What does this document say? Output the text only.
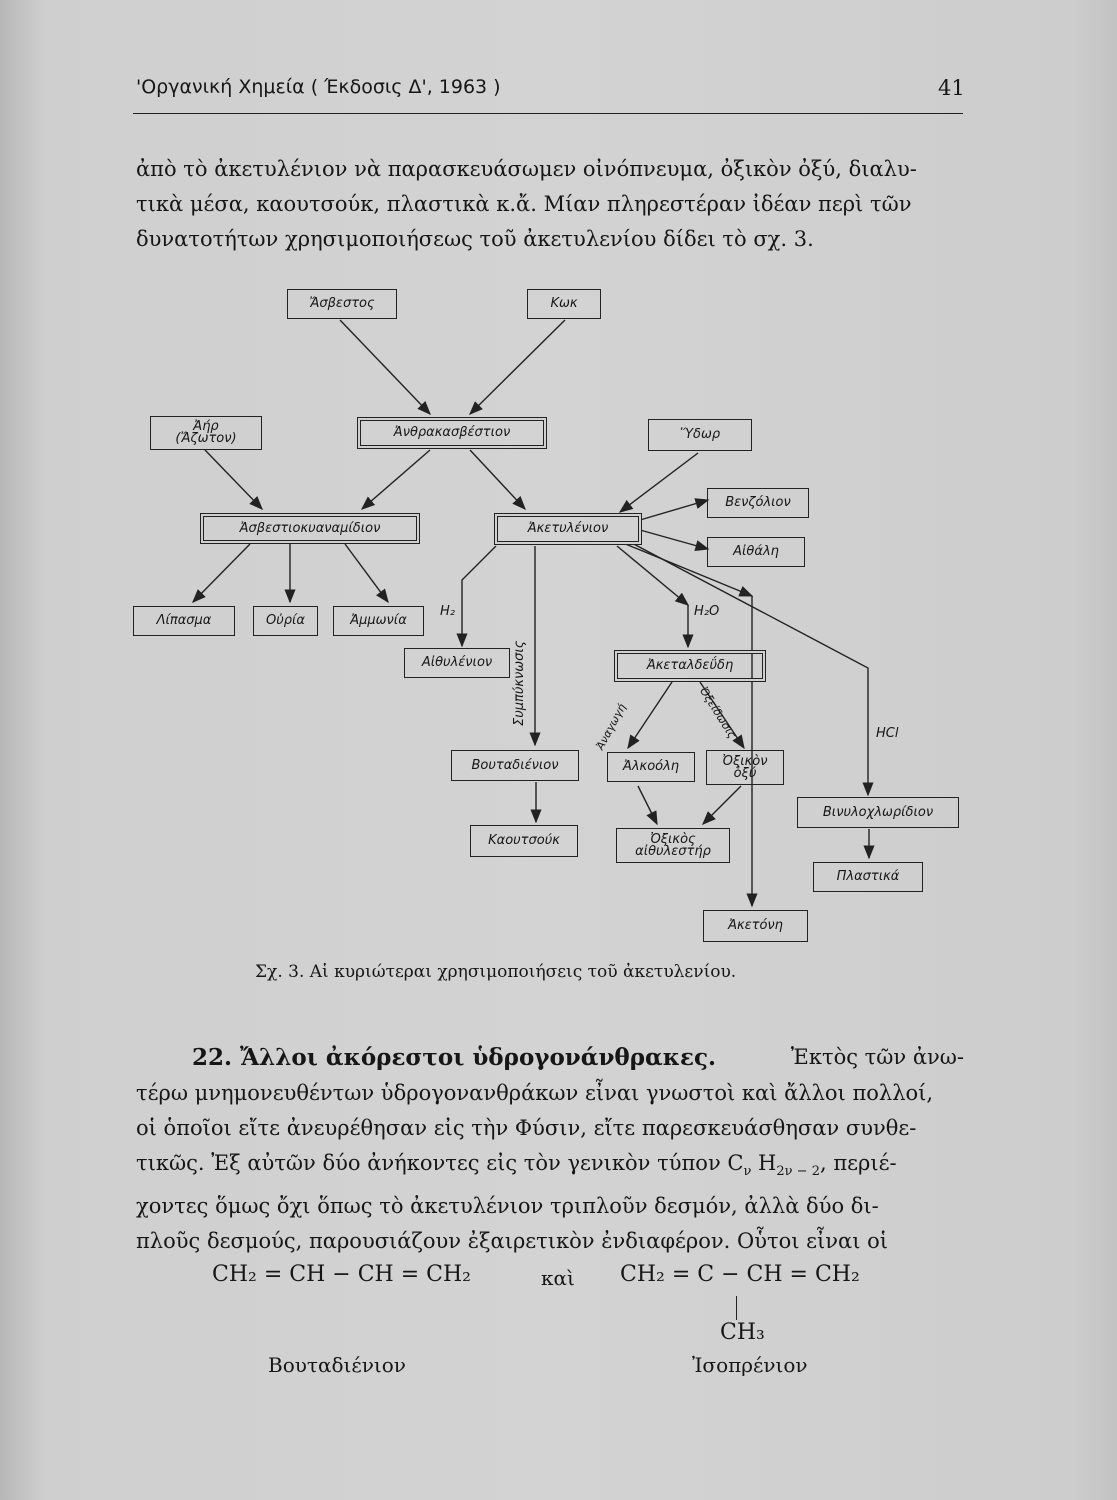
'Οργανική Χημεία ( Έκδοσις Δ', 1963 )	41
ἀπὸ τὸ ἀκετυλένιον νὰ παρασκευάσωμεν οἰνόπνευμα, ὀξικὸν ὀξύ, διαλυ-
τικὰ μέσα, καουτσούκ, πλαστικὰ κ.ἄ. Μίαν πληρεστέραν ἰδέαν περὶ τῶν
δυνατοτήτων χρησιμοποιήσεως τοῦ ἀκετυλενίου δίδει τὸ σχ. 3.
Ἄσβεστος	Κωκ
Ἀήρ
(Ἄζωτον)	Ἀνθρακασβέστιον	Ὕδωρ
Ἀσβεστιοκυαναμίδιον	Ἀκετυλένιον
Βενζόλιον
Αἰθάλη
Λίπασμα	Οὐρία	Ἀμμωνία
Αἰθυλένιον	Ἀκεταλδεΰδη
Βουταδιένιον	Ἀλκοόλη	Ὀξικὸν
ὀξύ
Βινυλοχλωρίδιον
Καουτσούκ	Ὀξικὸς
αἰθυλεστήρ
Πλαστικά
Ἀκετόνη
H₂	H₂O
HCl
Συμπύκνωσις
Ἀναγωγή	Ὀξείδωσις
Σχ. 3. Αἱ κυριώτεραι χρησιμοποιήσεις τοῦ ἀκετυλενίου.
22. Ἄλλοι ἀκόρεστοι ὑδρογονάνθρακες.	Ἐκτὸς τῶν ἀνω-
τέρω μνημονευθέντων ὑδρογονανθράκων εἶναι γνωστοὶ καὶ ἄλλοι πολλοί,
οἱ ὁποῖοι εἴτε ἀνευρέθησαν εἰς τὴν Φύσιν, εἴτε παρεσκευάσθησαν συνθε-
τικῶς. Ἐξ αὐτῶν δύο ἀνήκοντες εἰς τὸν γενικὸν τύπον $C_\nu$ $H_{2\nu - 2}$, περιέ-
χοντες ὅμως ὄχι ὅπως τὸ ἀκετυλένιον τριπλοῦν δεσμόν, ἀλλὰ δύο δι-
πλοῦς δεσμούς, παρουσιάζουν ἐξαιρετικὸν ἐνδιαφέρον. Οὗτοι εἶναι οἱ
CH₂ = CH − CH = CH₂	καὶ CH₂ = C − CH = CH₂
CH₃
Βουταδιένιον	Ἰσοπρένιον
